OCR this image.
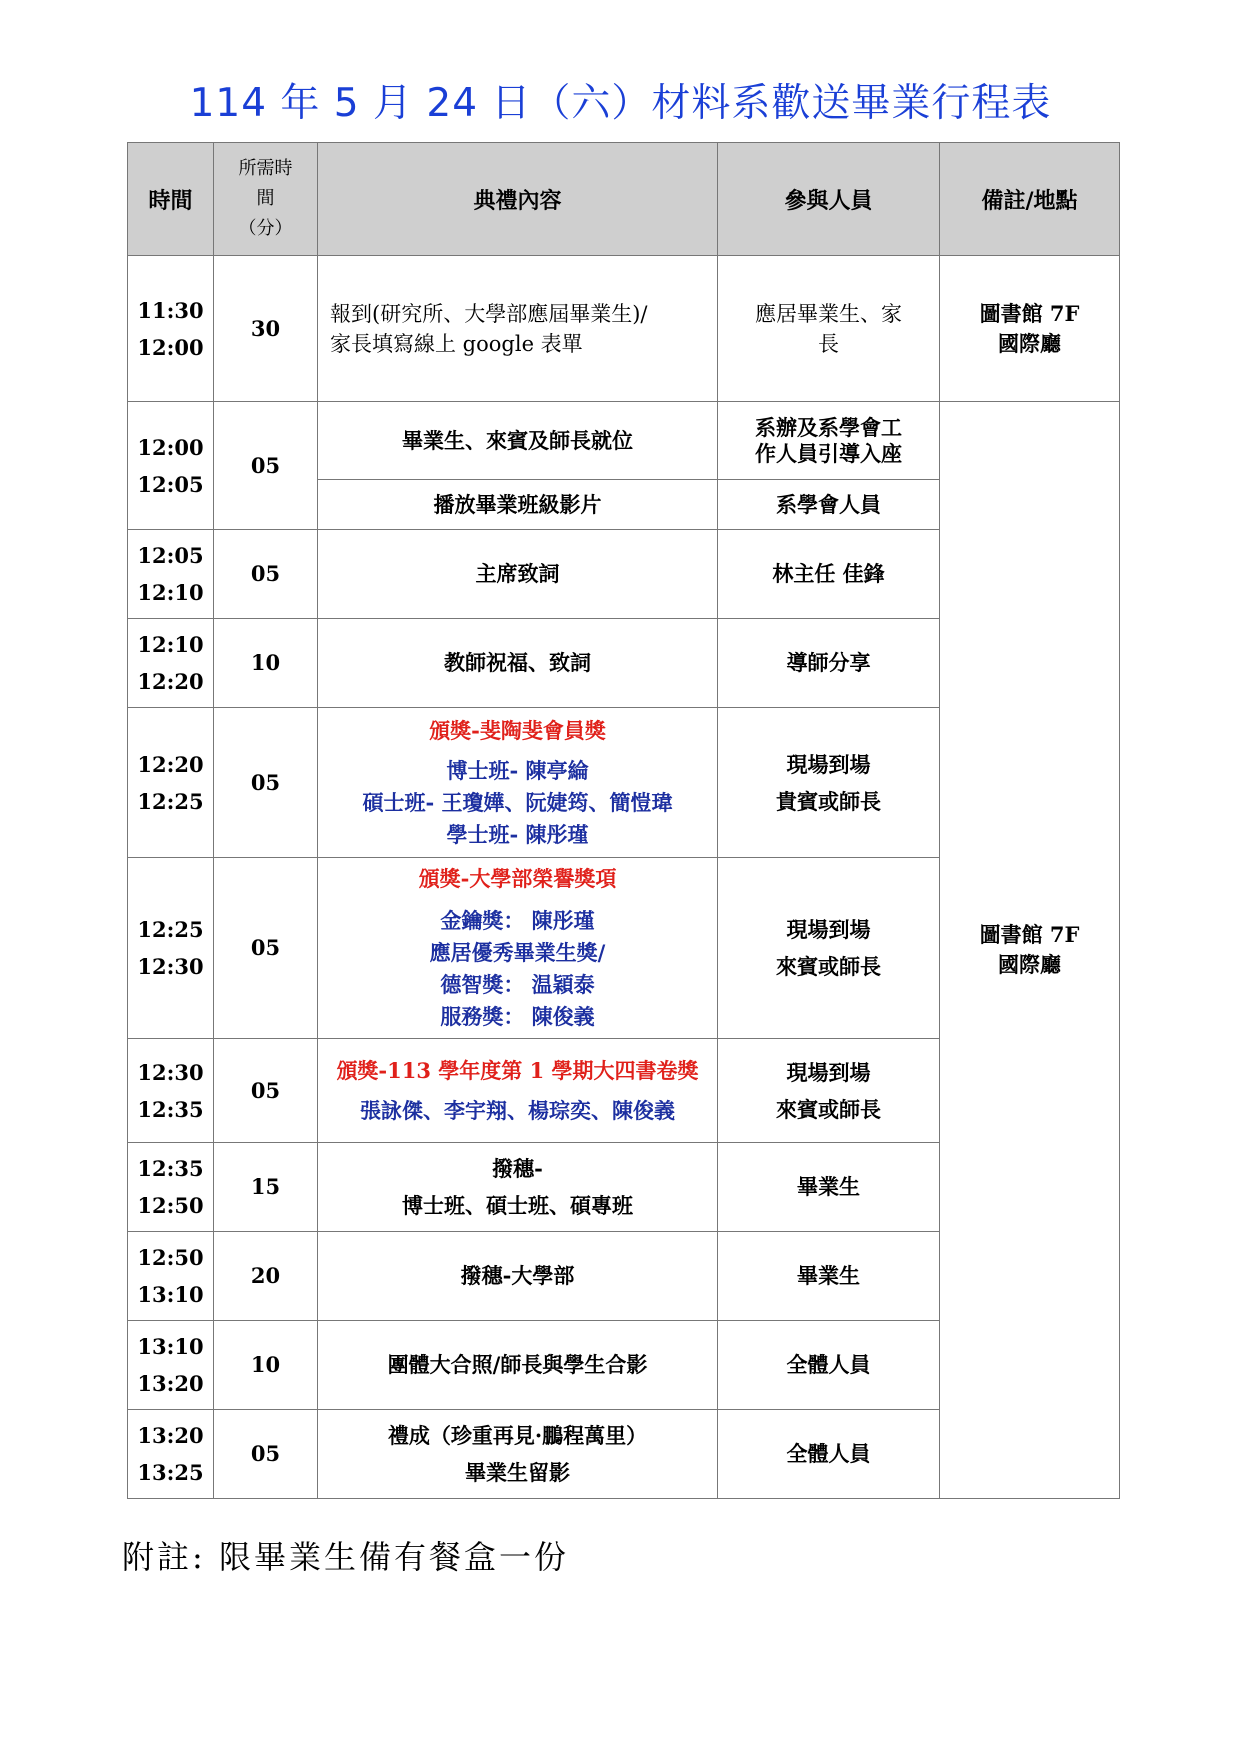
114 年 5 月 24 日（六）材料系歡送畢業行程表
時間	所需時
間
（分）	典禮內容	參與人員	備註/地點

11:30
12:00	30	報到(研究所、大學部應屆畢業生)/
家長填寫線上 google 表單	應居畢業生、家
長	圖書館 7F
國際廳

12:00
12:05	05	畢業生、來賓及師長就位	系辦及系學會工
作人員引導入座	圖書館 7F
國際廳

		播放畢業班級影片	系學會人員	

12:05
12:10	05	主席致詞	林主任 佳鋒	

12:10
12:20	10	教師祝福、致詞	導師分享	

12:20
12:25	05	頒獎-斐陶斐會員獎
博士班- 陳亭綸
碩士班- 王瓊嬅、阮婕筠、簡愷瑋
學士班- 陳彤瑾	現場到場
貴賓或師長	

12:25
12:30	05	頒獎-大學部榮譽獎項
金鑰獎： 陳彤瑾
應居優秀畢業生獎/
德智獎： 温穎泰
服務獎： 陳俊義	現場到場
來賓或師長	

12:30
12:35	05	頒獎-113 學年度第 1 學期大四書卷獎
張詠傑、李宇翔、楊琮奕、陳俊義	現場到場
來賓或師長	

12:35
12:50	15	撥穗-
博士班、碩士班、碩專班	畢業生	

12:50
13:10	20	撥穗-大學部	畢業生	

13:10
13:20	10	團體大合照/師長與學生合影	全體人員	

13:20
13:25	05	禮成（珍重再見·鵬程萬里）
畢業生留影	全體人員	
附註: 限畢業生備有餐盒一份
